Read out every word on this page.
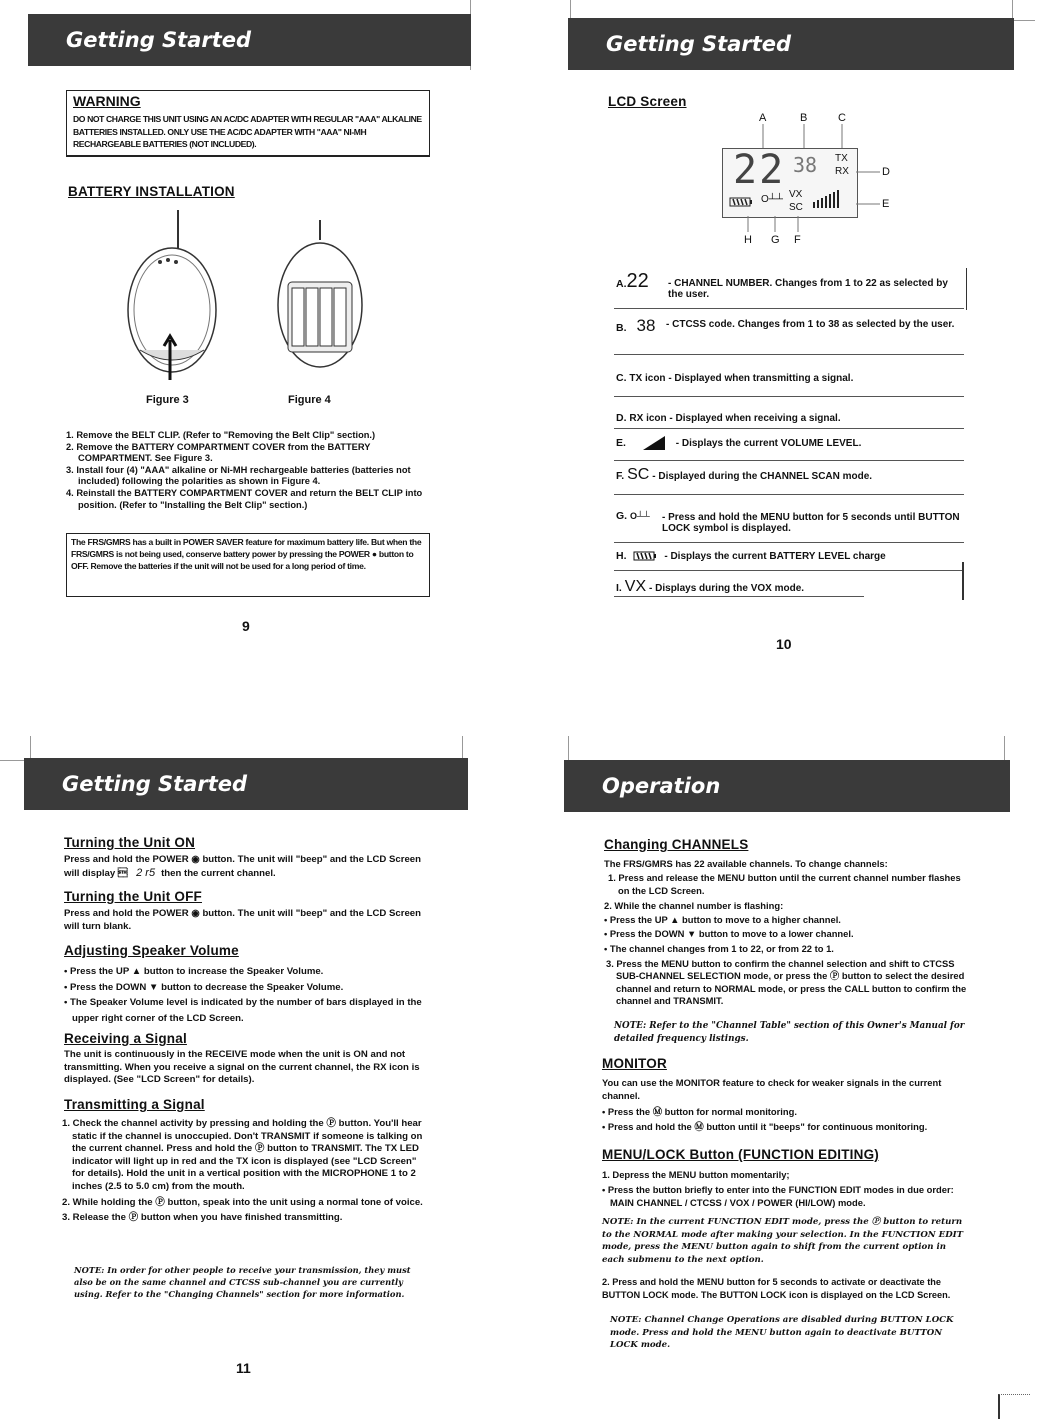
Getting Started
WARNING
DO NOT CHARGE THIS UNIT USING AN AC/DC ADAPTER WITH REGULAR "AAA" ALKALINE BATTERIES INSTALLED. ONLY USE THE AC/DC ADAPTER WITH "AAA" NI-MH RECHARGEABLE BATTERIES (NOT INCLUDED).
BATTERY INSTALLATION
Figure 3	Figure 4

1. Remove the BELT CLIP. (Refer to "Removing the Belt Clip" section.)

2. Remove the BATTERY COMPARTMENT COVER from the BATTERY COMPARTMENT. See Figure 3.

3. Install four (4) "AAA" alkaline or Ni-MH rechargeable batteries (batteries not included) following the polarities as shown in Figure 4.

4. Reinstall the BATTERY COMPARTMENT COVER and return the BELT CLIP into position. (Refer to "Installing the Belt Clip" section.)

The FRS/GMRS has a built in POWER SAVER feature for maximum battery life. But when the FRS/GMRS is not being used, conserve battery power by pressing the POWER ● button to OFF. Remove the batteries if the unit will not be used for a long period of time.
9
Getting Started
LCD Screen
A	B	C
D
E
H G F
22 38 TX
RX
VX
SC
O┴┴
A.22 - CHANNEL NUMBER. Changes from 1 to 22 as selected by the user.
B. 38 - CTCSS code. Changes from 1 to 38 as selected by the user.
C. TX icon - Displayed when transmitting a signal.
D. RX icon - Displayed when receiving a signal.
E.	- Displays the current VOLUME LEVEL.
F. SC - Displayed during the CHANNEL SCAN mode.
G. O┴┴ - Press and hold the MENU button for 5 seconds until BUTTON LOCK symbol is displayed.
H.	- Displays the current BATTERY LEVEL charge
I. VX - Displays during the VOX mode.
10
Getting Started
Turning the Unit ON
Press and hold the POWER ◉ button. The unit will "beep" and the LCD Screen will display  2 r5 then the current channel.
Turning the Unit OFF
Press and hold the POWER ◉ button. The unit will "beep" and the LCD Screen will turn blank.
Adjusting Speaker Volume

• Press the UP ▲ button to increase the Speaker Volume.

• Press the DOWN ▼ button to decrease the Speaker Volume.

• The Speaker Volume level is indicated by the number of bars displayed in the upper right corner of the LCD Screen.

Receiving a Signal
The unit is continuously in the RECEIVE mode when the unit is ON and not transmitting. When you receive a signal on the current channel, the RX icon is displayed. (See "LCD Screen" for details).
Transmitting a Signal

1. Check the channel activity by pressing and holding the Ⓟ button. You'll hear static if the channel is unoccupied. Don't TRANSMIT if someone is talking on the current channel. Press and hold the Ⓟ button to TRANSMIT. The TX LED indicator will light up in red and the TX icon is displayed (see "LCD Screen" for details). Hold the unit in a vertical position with the MICROPHONE 1 to 2 inches (2.5 to 5.0 cm) from the mouth.

2. While holding the Ⓟ button, speak into the unit using a normal tone of voice.

3. Release the Ⓟ button when you have finished transmitting.

NOTE: In order for other people to receive your transmission, they must also be on the same channel and CTCSS sub-channel you are currently using. Refer to the "Changing Channels" section for more information.
11
Operation
Changing CHANNELS

The FRS/GMRS has 22 available channels. To change channels:

1. Press and release the MENU button until the current channel number flashes on the LCD Screen.

2. While the channel number is flashing:

• Press the UP ▲ button to move to a higher channel.

• Press the DOWN ▼ button to move to a lower channel.

• The channel changes from 1 to 22, or from 22 to 1.

3. Press the MENU button to confirm the channel selection and shift to CTCSS SUB-CHANNEL SELECTION mode, or press the Ⓟ button to select the desired channel and return to NORMAL mode, or press the CALL button to confirm the channel and TRANSMIT.

NOTE: Refer to the "Channel Table" section of this Owner's Manual for detailed frequency listings.
MONITOR

You can use the MONITOR feature to check for weaker signals in the current channel.

• Press the Ⓜ button for normal monitoring.

• Press and hold the Ⓜ button until it "beeps" for continuous monitoring.

MENU/LOCK Button (FUNCTION EDITING)

1. Depress the MENU button momentarily;

• Press the button briefly to enter into the FUNCTION EDIT modes in due order: MAIN CHANNEL / CTCSS / VOX / POWER (HI/LOW) mode.

NOTE: In the current FUNCTION EDIT mode, press the Ⓟ button to return to the NORMAL mode after making your selection. In the FUNCTION EDIT mode, press the MENU button again to shift from the current option in each submenu to the next option.
2. Press and hold the MENU button for 5 seconds to activate or deactivate the BUTTON LOCK mode. The BUTTON LOCK icon is displayed on the LCD Screen.
NOTE: Channel Change Operations are disabled during BUTTON LOCK mode. Press and hold the MENU button again to deactivate BUTTON LOCK mode.
